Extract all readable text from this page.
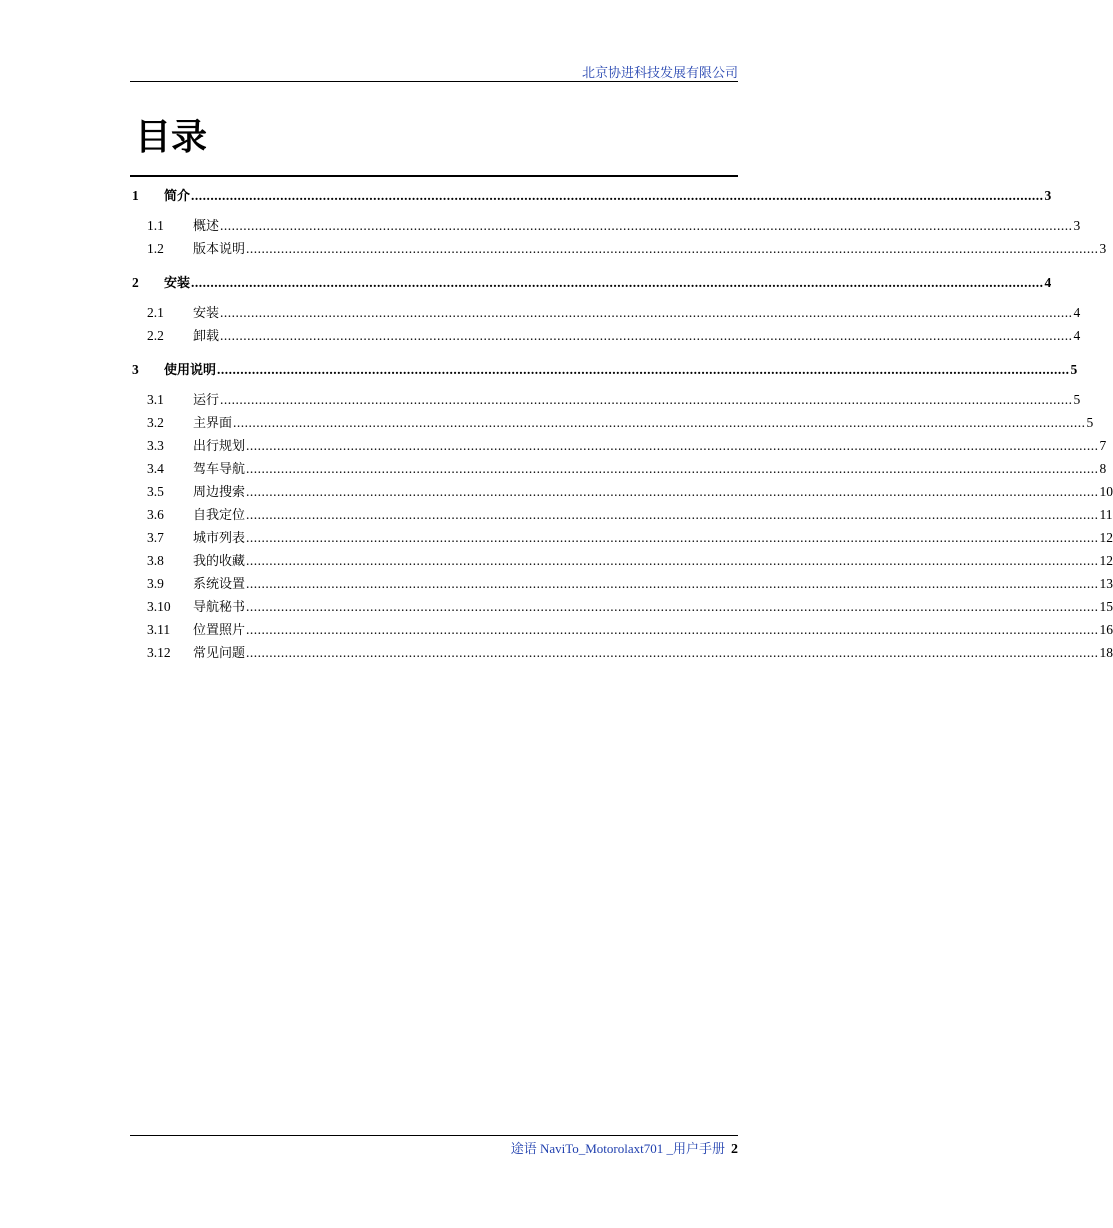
北京协进科技发展有限公司
目录
1	简介 ............................................................................................................................................................................................................................ 3
1.1	概述 ............................................................................................................................................................................................................................ 3
1.2	版本说明 ............................................................................................................................................................................................................................ 3
2	安装 ............................................................................................................................................................................................................................ 4
2.1	安装 ............................................................................................................................................................................................................................ 4
2.2	卸载 ............................................................................................................................................................................................................................ 4
3	使用说明 ............................................................................................................................................................................................................................ 5
3.1	运行 ............................................................................................................................................................................................................................ 5
3.2	主界面 ............................................................................................................................................................................................................................ 5
3.3	出行规划 ............................................................................................................................................................................................................................ 7
3.4	驾车导航 ............................................................................................................................................................................................................................ 8
3.5	周边搜索 ............................................................................................................................................................................................................................ 10
3.6	自我定位 ............................................................................................................................................................................................................................ 11
3.7	城市列表 ............................................................................................................................................................................................................................ 12
3.8	我的收藏 ............................................................................................................................................................................................................................ 12
3.9	系统设置 ............................................................................................................................................................................................................................ 13
3.10	导航秘书 ............................................................................................................................................................................................................................ 15
3.11	位置照片 ............................................................................................................................................................................................................................ 16
3.12	常见问题 ............................................................................................................................................................................................................................ 18
途语 NaviTo_Motorolaxt701 _用户手册 2
